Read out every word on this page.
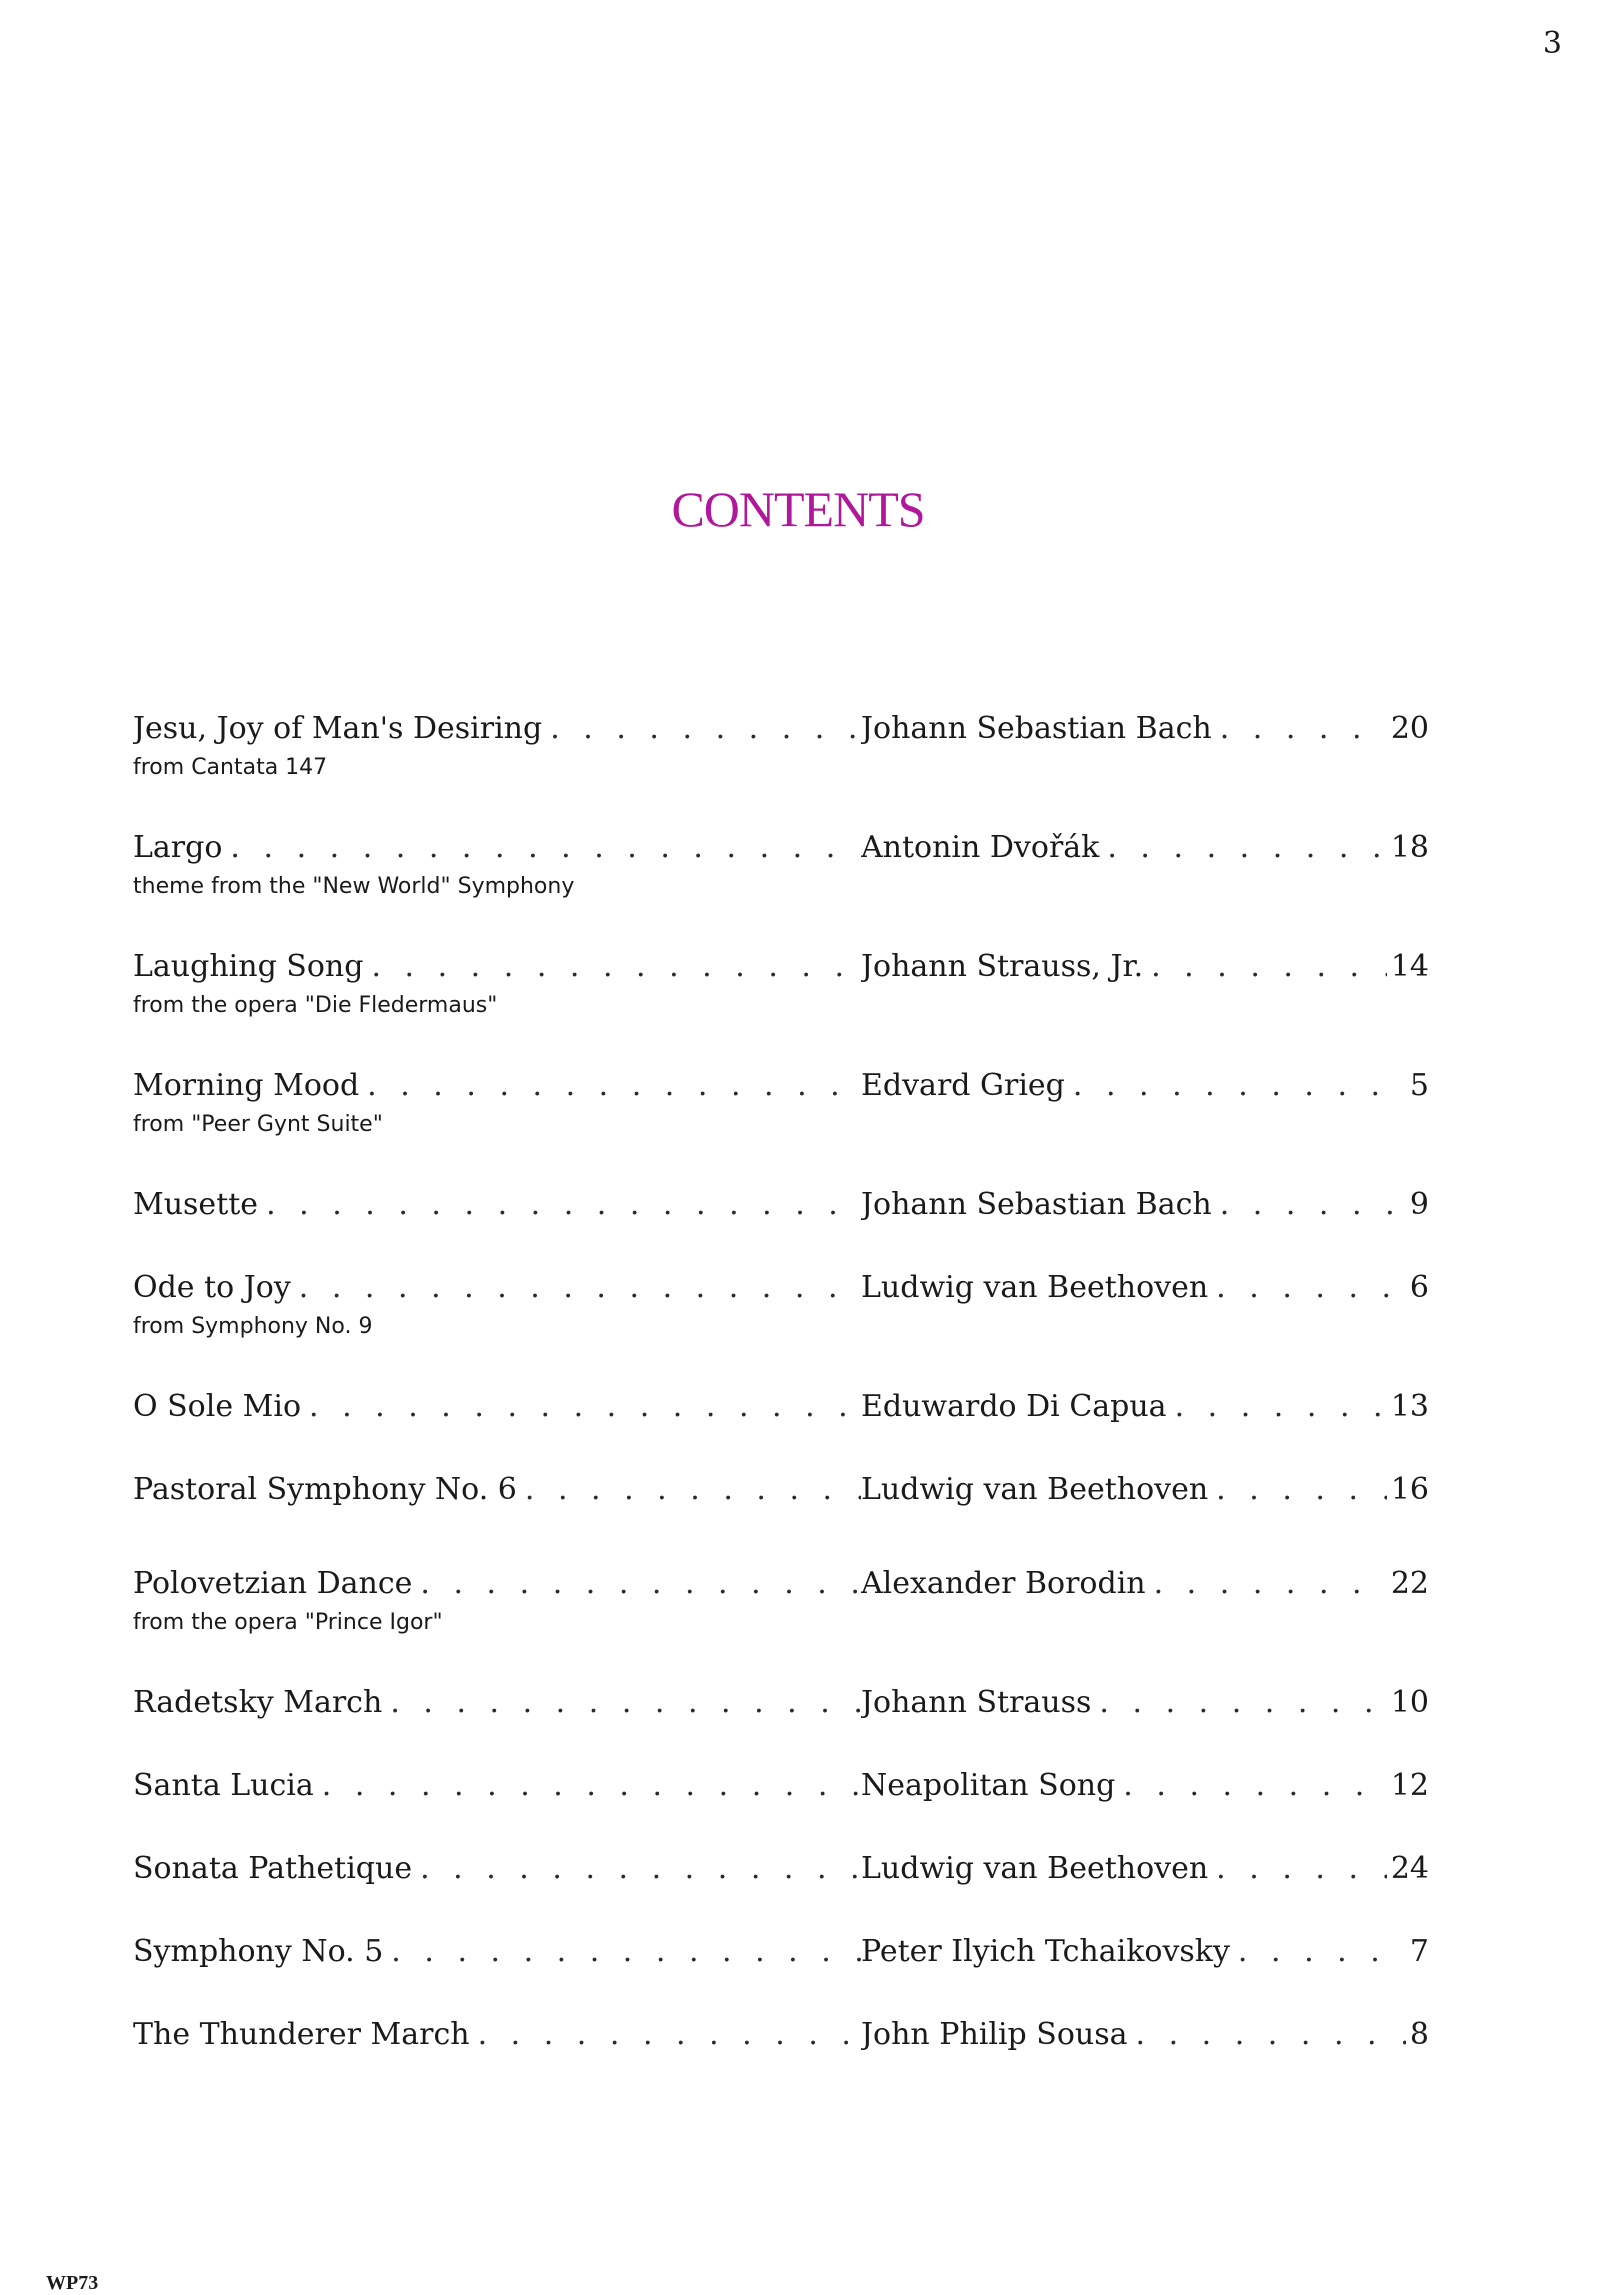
3
CONTENTS
Jesu, Joy of Man's Desiring . . .	Johann Sebastian Bach . . .	20
from Cantata 147
Largo . . .	Antonin Dvořák . . .	18
theme from the "New World" Symphony
Laughing Song . . .	Johann Strauss, Jr. . . .	14
from the opera "Die Fledermaus"
Morning Mood . . .	Edvard Grieg . . .	5
from "Peer Gynt Suite"
Musette . . .	Johann Sebastian Bach . . .	9
Ode to Joy . . .	Ludwig van Beethoven . . .	6
from Symphony No. 9
O Sole Mio . . .	Eduwardo Di Capua . . .	13
Pastoral Symphony No. 6 . . .	Ludwig van Beethoven . . .	16
Polovetzian Dance . . .	Alexander Borodin . . .	22
from the opera "Prince Igor"
Radetsky March . . .	Johann Strauss . . .	10
Santa Lucia . . .	Neapolitan Song . . .	12
Sonata Pathetique . . .	Ludwig van Beethoven . . .	24
Symphony No. 5 . . .	Peter Ilyich Tchaikovsky . . .	7
The Thunderer March . . .	John Philip Sousa . . .	8
WP73
